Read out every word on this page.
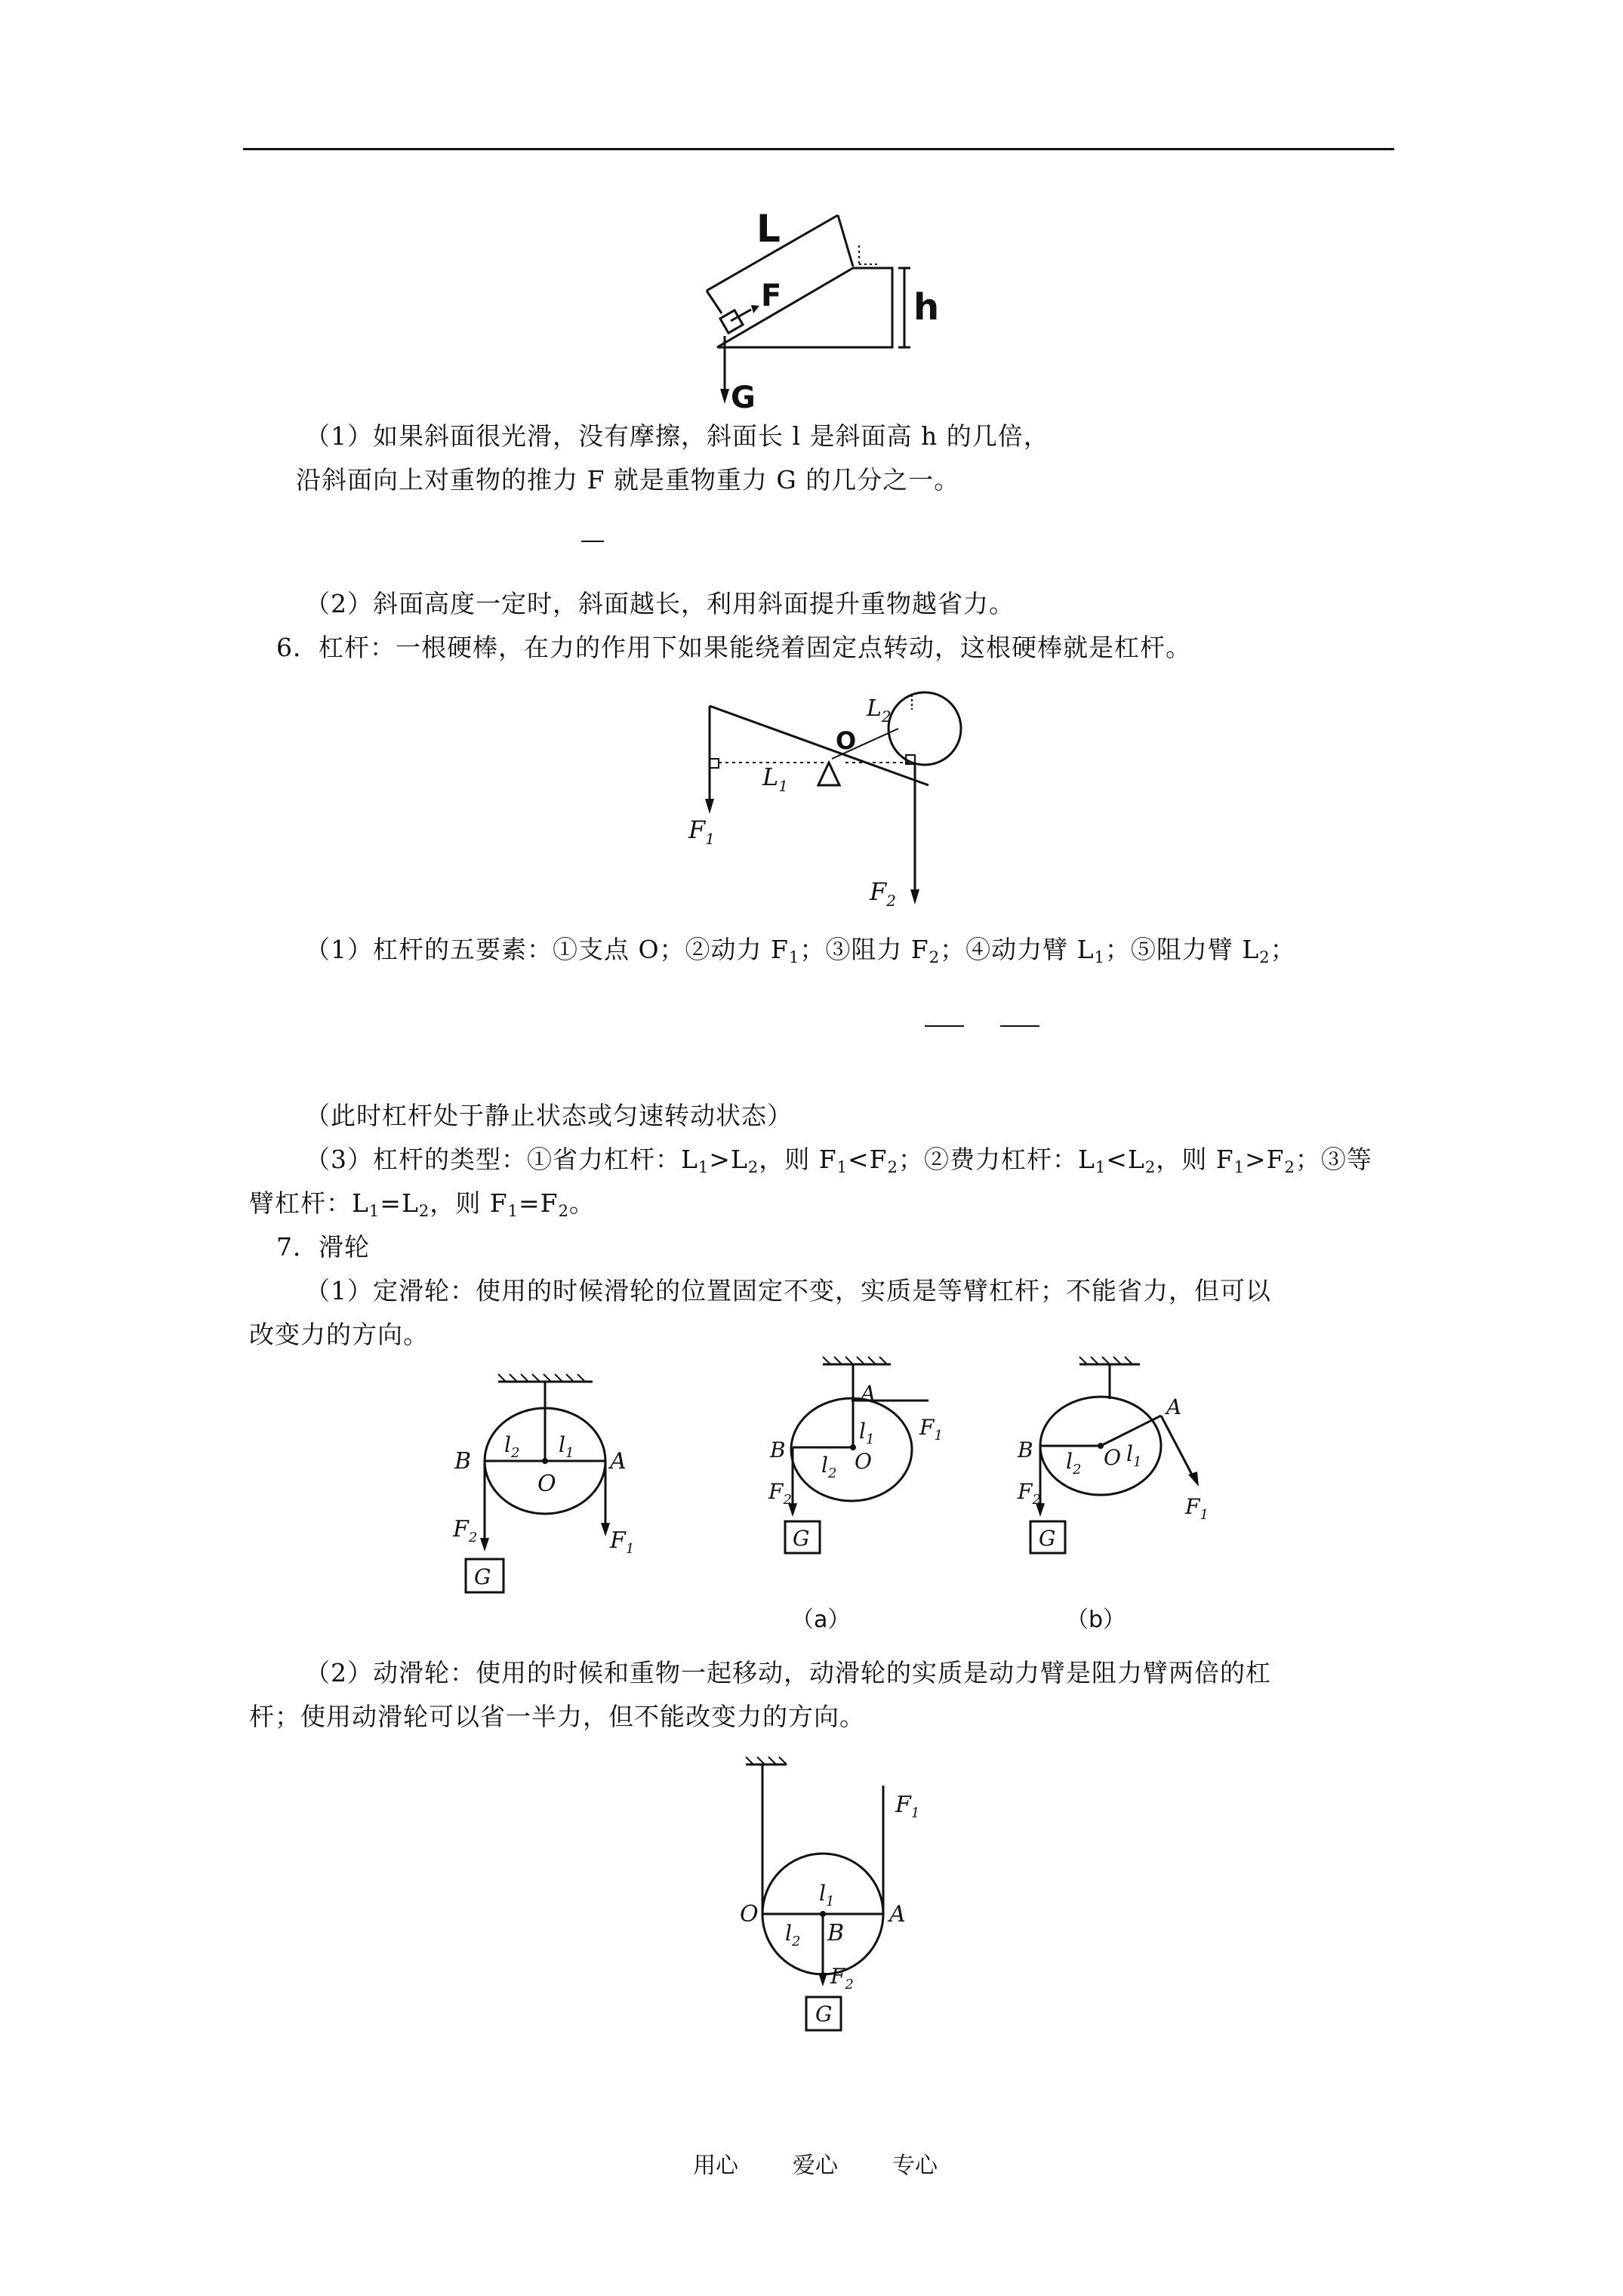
L
F	h
G
（1）如果斜面很光滑，没有摩擦，斜面长 l 是斜面高 h 的几倍，
沿斜面向上对重物的推力 F 就是重物重力 G 的几分之一。
（2）斜面高度一定时，斜面越长，利用斜面提升重物越省力。
6．杠杆：一根硬棒，在力的作用下如果能绕着固定点转动，这根硬棒就是杠杆。
O
$L_1$
$L_2$
$F_1$
$F_2$
（1）杠杆的五要素：①支点 O；②动力 $F_1$；③阻力 $F_2$；④动力臂 $L_1$；⑤阻力臂 $L_2$；
（此时杠杆处于静止状态或匀速转动状态）
（3）杠杆的类型：①省力杠杆：$L_1>L_2$，则 $F_1<F_2$；②费力杠杆：$L_1<L_2$，则 $F_1>F_2$；③等
臂杠杆：$L_1=L_2$，则 $F_1=F_2$。
7．滑轮
（1）定滑轮：使用的时候滑轮的位置固定不变，实质是等臂杠杆；不能省力，但可以
改变力的方向。
B	A
O
$l_2$ $l_1$
$F_2$	$F_1$
G
A
$F_1$
$l_1$
B
$l_2$ O
$F_2$
G
（a）
A
B $l_2$ O $l_1$
$F_2$	$F_1$
G
（b）
（2）动滑轮：使用的时候和重物一起移动，动滑轮的实质是动力臂是阻力臂两倍的杠
杆；使用动滑轮可以省一半力，但不能改变力的方向。
O	A
B
$l_1$
$l_2$
$F_1$
$F_2$
G
用心 爱心 专心
